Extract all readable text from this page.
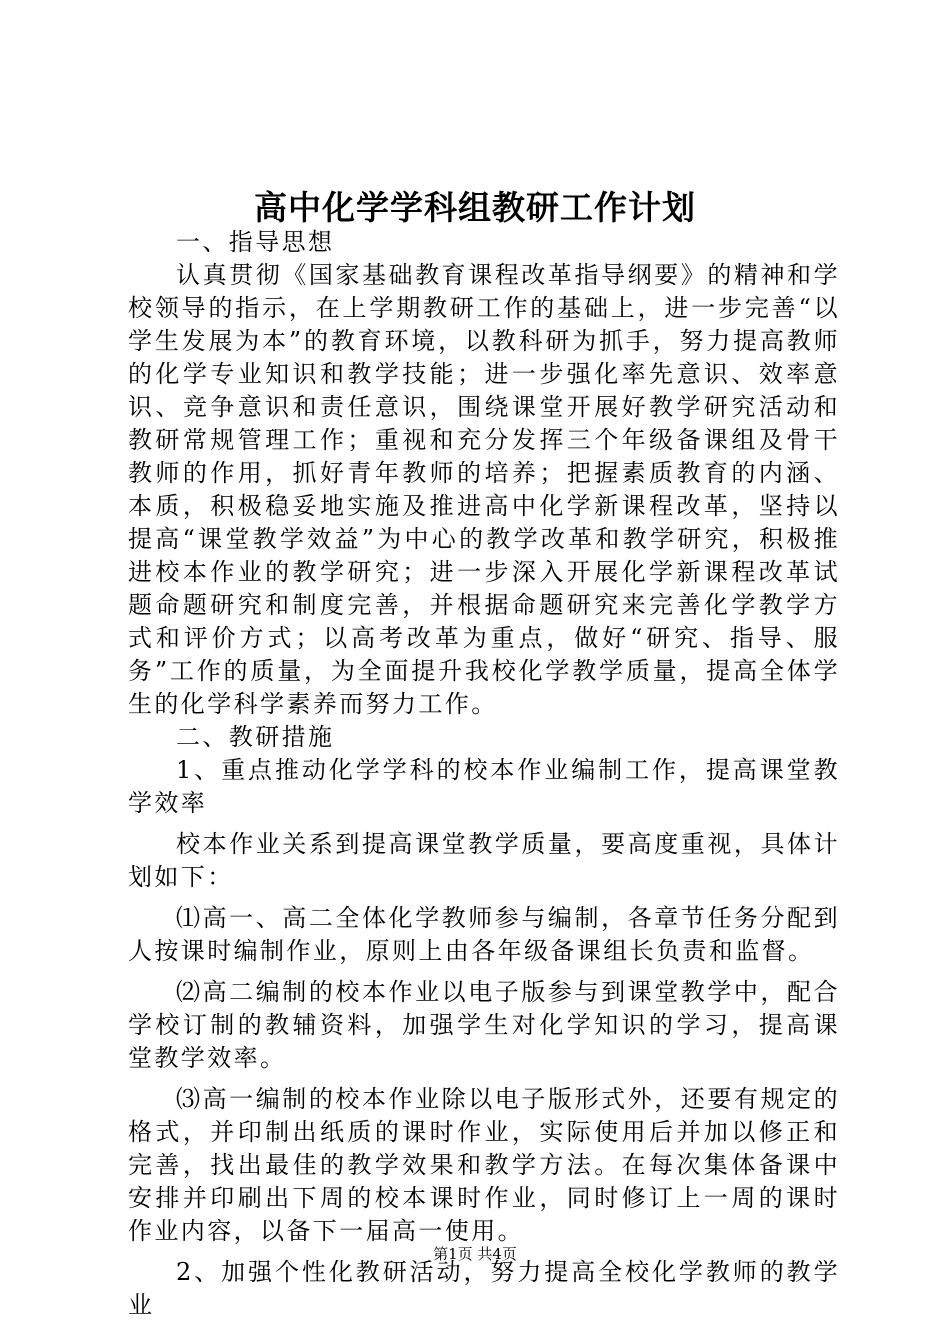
高中化学学科组教研工作计划

一、指导思想

认真贯彻《国家基础教育课程改革指导纲要》的精神和学校领导的指示，在上学期教研工作的基础上，进一步完善“以学生发展为本”的教育环境，以教科研为抓手，努力提高教师的化学专业知识和教学技能；进一步强化率先意识、效率意识、竞争意识和责任意识，围绕课堂开展好教学研究活动和教研常规管理工作；重视和充分发挥三个年级备课组及骨干教师的作用，抓好青年教师的培养；把握素质教育的内涵、本质，积极稳妥地实施及推进高中化学新课程改革，坚持以提高“课堂教学效益”为中心的教学改革和教学研究，积极推进校本作业的教学研究；进一步深入开展化学新课程改革试题命题研究和制度完善，并根据命题研究来完善化学教学方式和评价方式；以高考改革为重点，做好“研究、指导、服务”工作的质量，为全面提升我校化学教学质量，提高全体学生的化学科学素养而努力工作。

二、教研措施

1、重点推动化学学科的校本作业编制工作，提高课堂教学效率

校本作业关系到提高课堂教学质量，要高度重视，具体计划如下：

⑴高一、高二全体化学教师参与编制，各章节任务分配到人按课时编制作业，原则上由各年级备课组长负责和监督。

⑵高二编制的校本作业以电子版参与到课堂教学中，配合学校订制的教辅资料，加强学生对化学知识的学习，提高课堂教学效率。

⑶高一编制的校本作业除以电子版形式外，还要有规定的格式，并印制出纸质的课时作业，实际使用后并加以修正和完善，找出最佳的教学效果和教学方法。在每次集体备课中安排并印刷出下周的校本课时作业，同时修订上一周的课时作业内容，以备下一届高一使用。

2、加强个性化教研活动，努力提高全校化学教师的教学业

第1页 共4页
